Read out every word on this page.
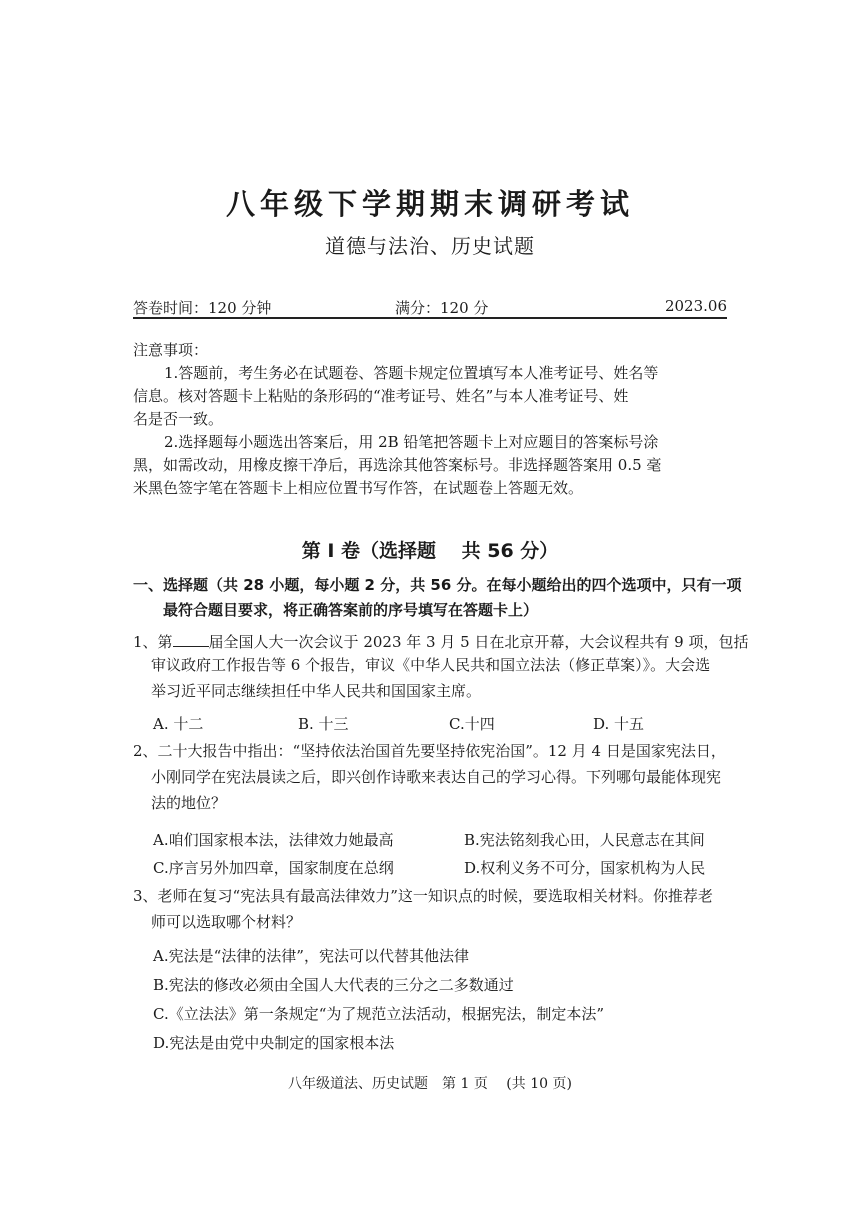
八年级下学期期末调研考试
道德与法治、历史试题
答卷时间：120 分钟	满分：120 分	2023.06
注意事项：
1.答题前，考生务必在试题卷、答题卡规定位置填写本人准考证号、姓名等
信息。核对答题卡上粘贴的条形码的“准考证号、姓名”与本人准考证号、姓
名是否一致。
2.选择题每小题选出答案后，用 2B 铅笔把答题卡上对应题目的答案标号涂
黑，如需改动，用橡皮擦干净后，再选涂其他答案标号。非选择题答案用 0.5 毫
米黑色签字笔在答题卡上相应位置书写作答，在试题卷上答题无效。
第 I 卷（选择题　 共 56 分）
一、选择题（共 28 小题，每小题 2 分，共 56 分。在每小题给出的四个选项中，只有一项
最符合题目要求，将正确答案前的序号填写在答题卡上）
1、第 届全国人大一次会议于 2023 年 3 月 5 日在北京开幕，大会议程共有 9 项，包括
审议政府工作报告等 6 个报告，审议《中华人民共和国立法法（修正草案）》。大会选
举习近平同志继续担任中华人民共和国国家主席。
A. 十二	B. 十三	C.十四	D. 十五
2、二十大报告中指出：“坚持依法治国首先要坚持依宪治国”。12 月 4 日是国家宪法日，
小刚同学在宪法晨读之后，即兴创作诗歌来表达自己的学习心得。下列哪句最能体现宪
法的地位？
A.咱们国家根本法，法律效力她最高	B.宪法铭刻我心田，人民意志在其间
C.序言另外加四章，国家制度在总纲	D.权利义务不可分，国家机构为人民
3、老师在复习“宪法具有最高法律效力”这一知识点的时候，要选取相关材料。你推荐老
师可以选取哪个材料？
A.宪法是“法律的法律”，宪法可以代替其他法律
B.宪法的修改必须由全国人大代表的三分之二多数通过
C.《立法法》第一条规定“为了规范立法活动，根据宪法，制定本法”
D.宪法是由党中央制定的国家根本法
八年级道法、历史试题　第 1 页　 (共 10 页)
